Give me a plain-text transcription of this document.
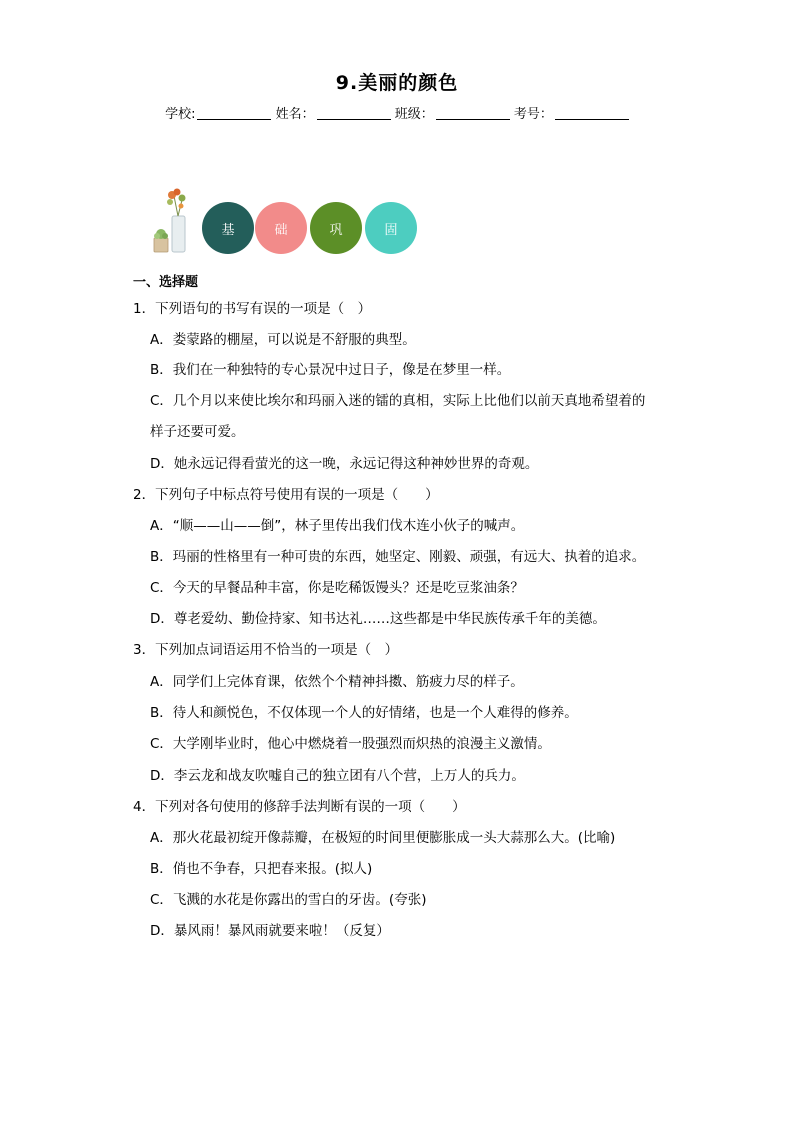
9.美丽的颜色
学校:	姓名：	班级：	考号：
基	础	巩	固
一、选择题
1．下列语句的书写有误的一项是（　）
A．娄蒙路的棚屋，可以说是不舒服的典型。
B．我们在一种独特的专心景况中过日子，像是在梦里一样。
C．几个月以来使比埃尔和玛丽入迷的镭的真相，实际上比他们以前天真地希望着的
样子还要可爱。
D．她永远记得看萤光的这一晚，永远记得这种神妙世界的奇观。
2．下列句子中标点符号使用有误的一项是（　　）
A．“顺——山——倒”，林子里传出我们伐木连小伙子的喊声。
B．玛丽的性格里有一种可贵的东西，她坚定、刚毅、顽强，有远大、执着的追求。
C．今天的早餐品种丰富，你是吃稀饭馒头？还是吃豆浆油条？
D．尊老爱幼、勤俭持家、知书达礼……这些都是中华民族传承千年的美德。
3．下列加点词语运用不恰当的一项是（　）
A．同学们上完体育课，依然个个精神抖擞、筋疲力尽的样子。
B．待人和颜悦色，不仅体现一个人的好情绪，也是一个人难得的修养。
C．大学刚毕业时，他心中燃烧着一股强烈而炽热的浪漫主义激情。
D．李云龙和战友吹嘘自己的独立团有八个营，上万人的兵力。
4．下列对各句使用的修辞手法判断有误的一项（　　）
A．那火花最初绽开像蒜瓣，在极短的时间里便膨胀成一头大蒜那么大。(比喻)
B．俏也不争春，只把春来报。(拟人)
C．飞溅的水花是你露出的雪白的牙齿。(夸张)
D．暴风雨！暴风雨就要来啦！（反复）
